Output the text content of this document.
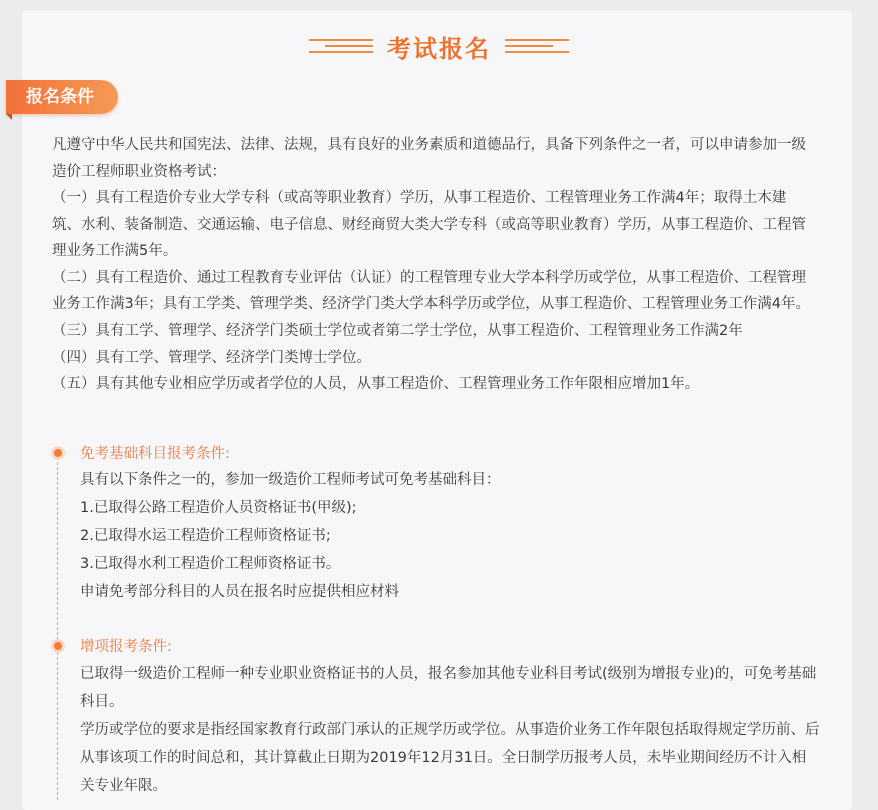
考试报名
报名条件

凡遵守中华人民共和国宪法、法律、法规，具有良好的业务素质和道德品行，具备下列条件之一者，可以申请参加一级造价工程师职业资格考试：

（一）具有工程造价专业大学专科（或高等职业教育）学历，从事工程造价、工程管理业务工作满4年；取得土木建筑、水利、装备制造、交通运输、电子信息、财经商贸大类大学专科（或高等职业教育）学历，从事工程造价、工程管理业务工作满5年。

（二）具有工程造价、通过工程教育专业评估（认证）的工程管理专业大学本科学历或学位，从事工程造价、工程管理业务工作满3年；具有工学类、管理学类、经济学门类大学本科学历或学位，从事工程造价、工程管理业务工作满4年。

（三）具有工学、管理学、经济学门类硕士学位或者第二学士学位，从事工程造价、工程管理业务工作满2年

（四）具有工学、管理学、经济学门类博士学位。

（五）具有其他专业相应学历或者学位的人员，从事工程造价、工程管理业务工作年限相应增加1年。

免考基础科目报考条件:
具有以下条件之一的，参加一级造价工程师考试可免考基础科目：
1.已取得公路工程造价人员资格证书(甲级);
2.已取得水运工程造价工程师资格证书;
3.已取得水利工程造价工程师资格证书。
申请免考部分科目的人员在报名时应提供相应材料
增项报考条件:
已取得一级造价工程师一种专业职业资格证书的人员，报名参加其他专业科目考试(级别为增报专业)的，可免考基础科目。
学历或学位的要求是指经国家教育行政部门承认的正规学历或学位。从事造价业务工作年限包括取得规定学历前、后从事该项工作的时间总和，其计算截止日期为2019年12月31日。全日制学历报考人员，未毕业期间经历不计入相关专业年限。
